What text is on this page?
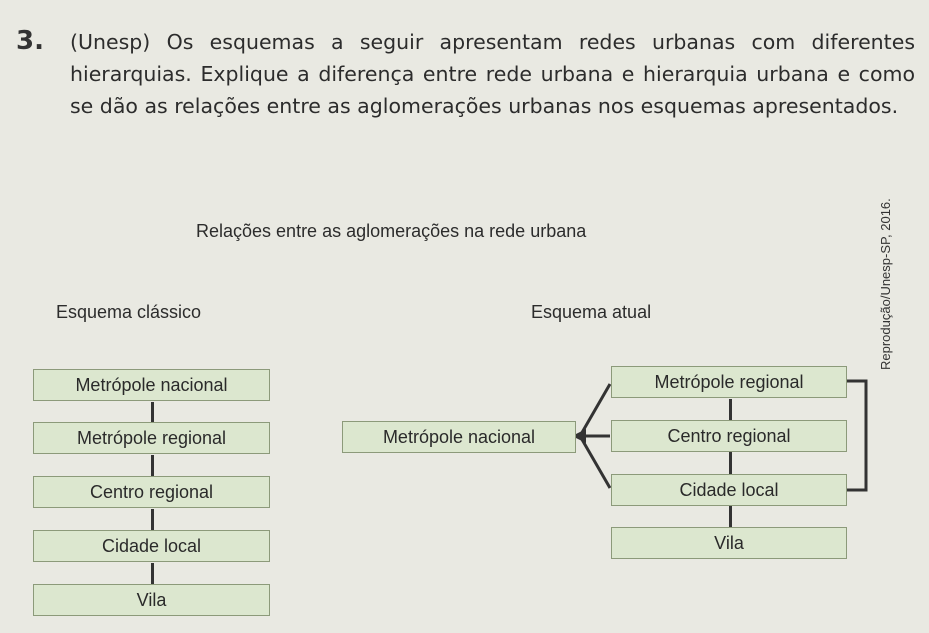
3. (Unesp) Os esquemas a seguir apresentam redes urbanas com diferentes hierarquias. Explique a diferença entre rede urbana e hierarquia urbana e como se dão as relações entre as aglomerações urbanas nos esquemas apresentados.
Relações entre as aglomerações na rede urbana
Esquema clássico	Esquema atual
Metrópole nacional
Metrópole regional
Centro regional
Cidade local
Vila
Metrópole nacional
Metrópole regional
Centro regional
Cidade local
Vila
Reprodução/Unesp-SP, 2016.
